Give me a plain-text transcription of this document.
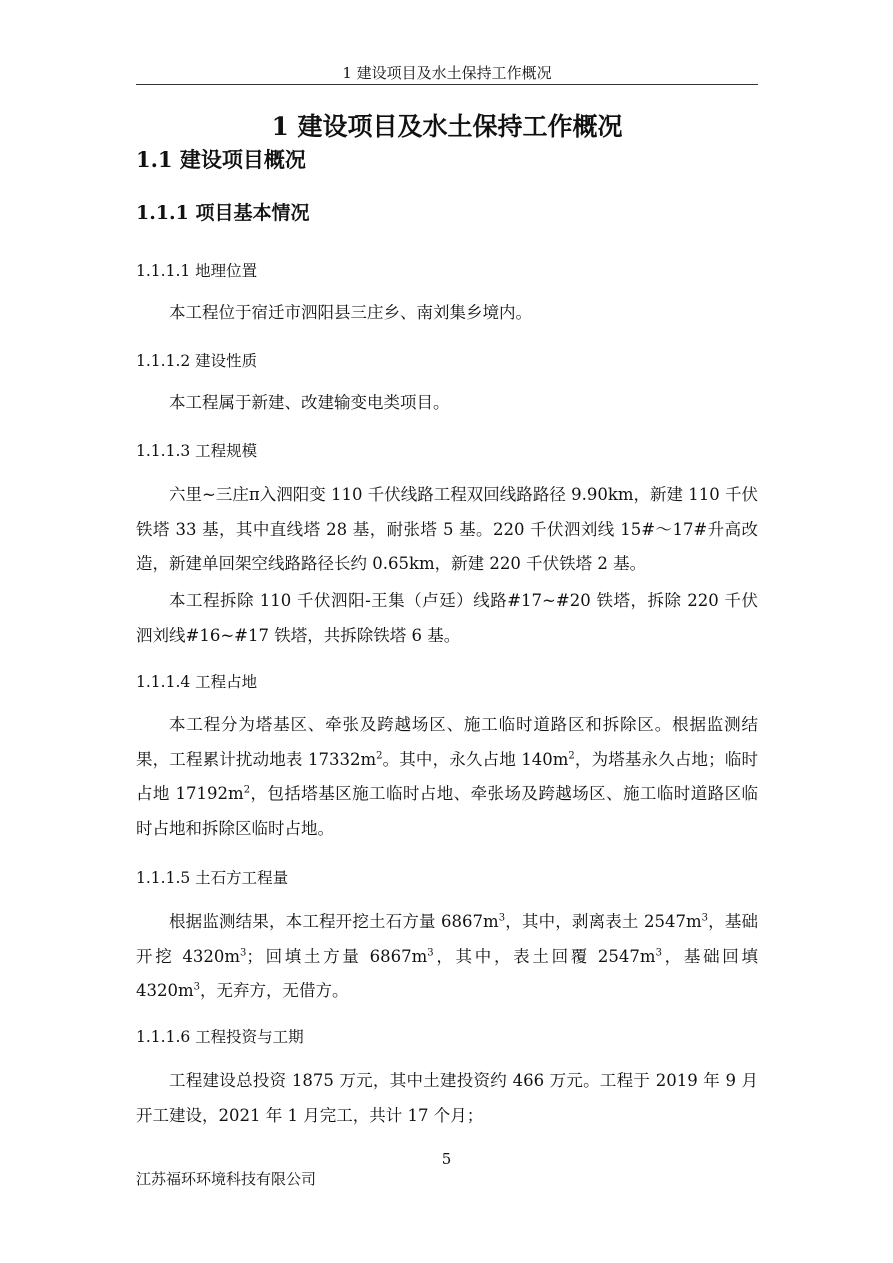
1 建设项目及水土保持工作概况
1 建设项目及水土保持工作概况
1.1 建设项目概况
1.1.1 项目基本情况
1.1.1.1 地理位置

本工程位于宿迁市泗阳县三庄乡、南刘集乡境内。

1.1.1.2 建设性质

本工程属于新建、改建输变电类项目。

1.1.1.3 工程规模

六里~三庄π入泗阳变 110 千伏线路工程双回线路路径 9.90km，新建 110 千伏铁塔 33 基，其中直线塔 28 基，耐张塔 5 基。220 千伏泗刘线 15#～17#升高改造，新建单回架空线路路径长约 0.65km，新建 220 千伏铁塔 2 基。

本工程拆除 110 千伏泗阳-王集（卢廷）线路#17~#20 铁塔，拆除 220 千伏泗刘线#16~#17 铁塔，共拆除铁塔 6 基。

1.1.1.4 工程占地

本工程分为塔基区、牵张及跨越场区、施工临时道路区和拆除区。根据监测结果，工程累计扰动地表 $17332m^2$。其中，永久占地 $140m^2$，为塔基永久占地；临时占地 $17192m^2$，包括塔基区施工临时占地、牵张场及跨越场区、施工临时道路区临时占地和拆除区临时占地。

1.1.1.5 土石方工程量

根据监测结果，本工程开挖土石方量 $6867m^3$，其中，剥离表土 $2547m^3$，基础开挖 $4320m^3$；回填土方量 $6867m^3$，其中，表土回覆 $2547m^3$，基础回填 $4320m^3$，无弃方，无借方。

1.1.1.6 工程投资与工期

工程建设总投资 1875 万元，其中土建投资约 466 万元。工程于 2019 年 9 月开工建设，2021 年 1 月完工，共计 17 个月；

5
江苏福环环境科技有限公司
